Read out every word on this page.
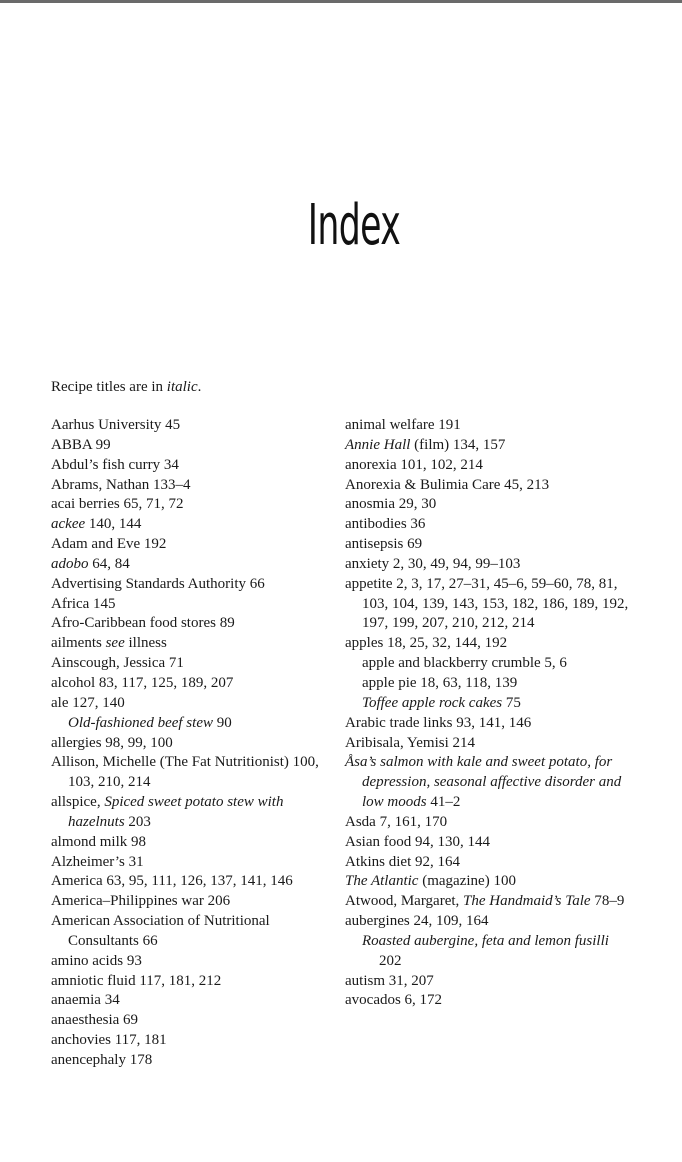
Index
Recipe titles are in italic.
Aarhus University 45
ABBA 99
Abdul’s fish curry 34
Abrams, Nathan 133–4
acai berries 65, 71, 72
ackee 140, 144
Adam and Eve 192
adobo 64, 84
Advertising Standards Authority 66
Africa 145
Afro-Caribbean food stores 89
ailments see illness
Ainscough, Jessica 71
alcohol 83, 117, 125, 189, 207
ale 127, 140
Old-fashioned beef stew 90
allergies 98, 99, 100
Allison, Michelle (The Fat Nutritionist) 100, 103, 210, 214
allspice, Spiced sweet potato stew with hazelnuts 203
almond milk 98
Alzheimer’s 31
America 63, 95, 111, 126, 137, 141, 146
America–Philippines war 206
American Association of Nutritional Consultants 66
amino acids 93
amniotic fluid 117, 181, 212
anaemia 34
anaesthesia 69
anchovies 117, 181
anencephaly 178
animal welfare 191
Annie Hall (film) 134, 157
anorexia 101, 102, 214
Anorexia & Bulimia Care 45, 213
anosmia 29, 30
antibodies 36
antisepsis 69
anxiety 2, 30, 49, 94, 99–103
appetite 2, 3, 17, 27–31, 45–6, 59–60, 78, 81, 103, 104, 139, 143, 153, 182, 186, 189, 192, 197, 199, 207, 210, 212, 214
apples 18, 25, 32, 144, 192
apple and blackberry crumble 5, 6
apple pie 18, 63, 118, 139
Toffee apple rock cakes 75
Arabic trade links 93, 141, 146
Aribisala, Yemisi 214
Åsa’s salmon with kale and sweet potato, for depression, seasonal affective disorder and low moods 41–2
Asda 7, 161, 170
Asian food 94, 130, 144
Atkins diet 92, 164
The Atlantic (magazine) 100
Atwood, Margaret, The Handmaid’s Tale 78–9
aubergines 24, 109, 164
Roasted aubergine, feta and lemon fusilli 202
autism 31, 207
avocados 6, 172
